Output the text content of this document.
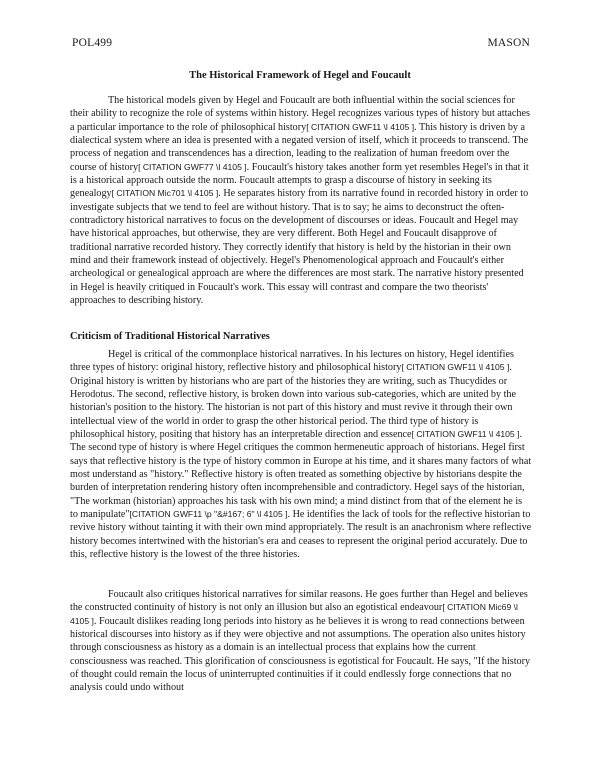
POL499	MASON
The Historical Framework of Hegel and Foucault

The historical models given by Hegel and Foucault are both influential within the social sciences for their ability to recognize the role of systems within history. Hegel recognizes various types of history but attaches a particular importance to the role of philosophical history[ CITATION GWF11 \l 4105 ]. This history is driven by a dialectical system where an idea is presented with a negated version of itself, which it proceeds to transcend. The process of negation and transcendences has a direction, leading to the realization of human freedom over the course of history[ CITATION GWF77 \l 4105 ]. Foucault's history takes another form yet resembles Hegel's in that it is a historical approach outside the norm. Foucault attempts to grasp a discourse of history in seeking its genealogy[ CITATION Mic701 \l 4105 ]. He separates history from its narrative found in recorded history in order to investigate subjects that we tend to feel are without history. That is to say; he aims to deconstruct the often-contradictory historical narratives to focus on the development of discourses or ideas. Foucault and Hegel may have historical approaches, but otherwise, they are very different. Both Hegel and Foucault disapprove of traditional narrative recorded history. They correctly identify that history is held by the historian in their own mind and their framework instead of objectively. Hegel's Phenomenological approach and Foucault's either archeological or genealogical approach are where the differences are most stark. The narrative history presented in Hegel is heavily critiqued in Foucault's work. This essay will contrast and compare the two theorists' approaches to describing history.

Criticism of Traditional Historical Narratives

Hegel is critical of the commonplace historical narratives. In his lectures on history, Hegel identifies three types of history: original history, reflective history and philosophical history[ CITATION GWF11 \l 4105 ]. Original history is written by historians who are part of the histories they are writing, such as Thucydides or Herodotus. The second, reflective history, is broken down into various sub-categories, which are united by the historian's position to the history. The historian is not part of this history and must revive it through their own intellectual view of the world in order to grasp the other historical period. The third type of history is philosophical history, positing that history has an interpretable direction and essence[ CITATION GWF11 \l 4105 ]. The second type of history is where Hegel critiques the common hermeneutic approach of historians. Hegel first says that reflective history is the type of history common in Europe at his time, and it shares many factors of what most understand as "history." Reflective history is often treated as something objective by historians despite the burden of interpretation rendering history often incomprehensible and contradictory. Hegel says of the historian, "The workman (historian) approaches his task with his own mind; a mind distinct from that of the element he is to manipulate"[CITATION GWF11 \p "&#167; 6" \l 4105 ]. He identifies the lack of tools for the reflective historian to revive history without tainting it with their own mind appropriately. The result is an anachronism where reflective history becomes intertwined with the historian's era and ceases to represent the original period accurately. Due to this, reflective history is the lowest of the three histories.

Foucault also critiques historical narratives for similar reasons. He goes further than Hegel and believes the constructed continuity of history is not only an illusion but also an egotistical endeavour[ CITATION Mic69 \l 4105 ]. Foucault dislikes reading long periods into history as he believes it is wrong to read connections between historical discourses into history as if they were objective and not assumptions. The operation also unites history through consciousness as history as a domain is an intellectual process that explains how the current consciousness was reached. This glorification of consciousness is egotistical for Foucault. He says, "If the history of thought could remain the locus of uninterrupted continuities if it could endlessly forge connections that no analysis could undo without
